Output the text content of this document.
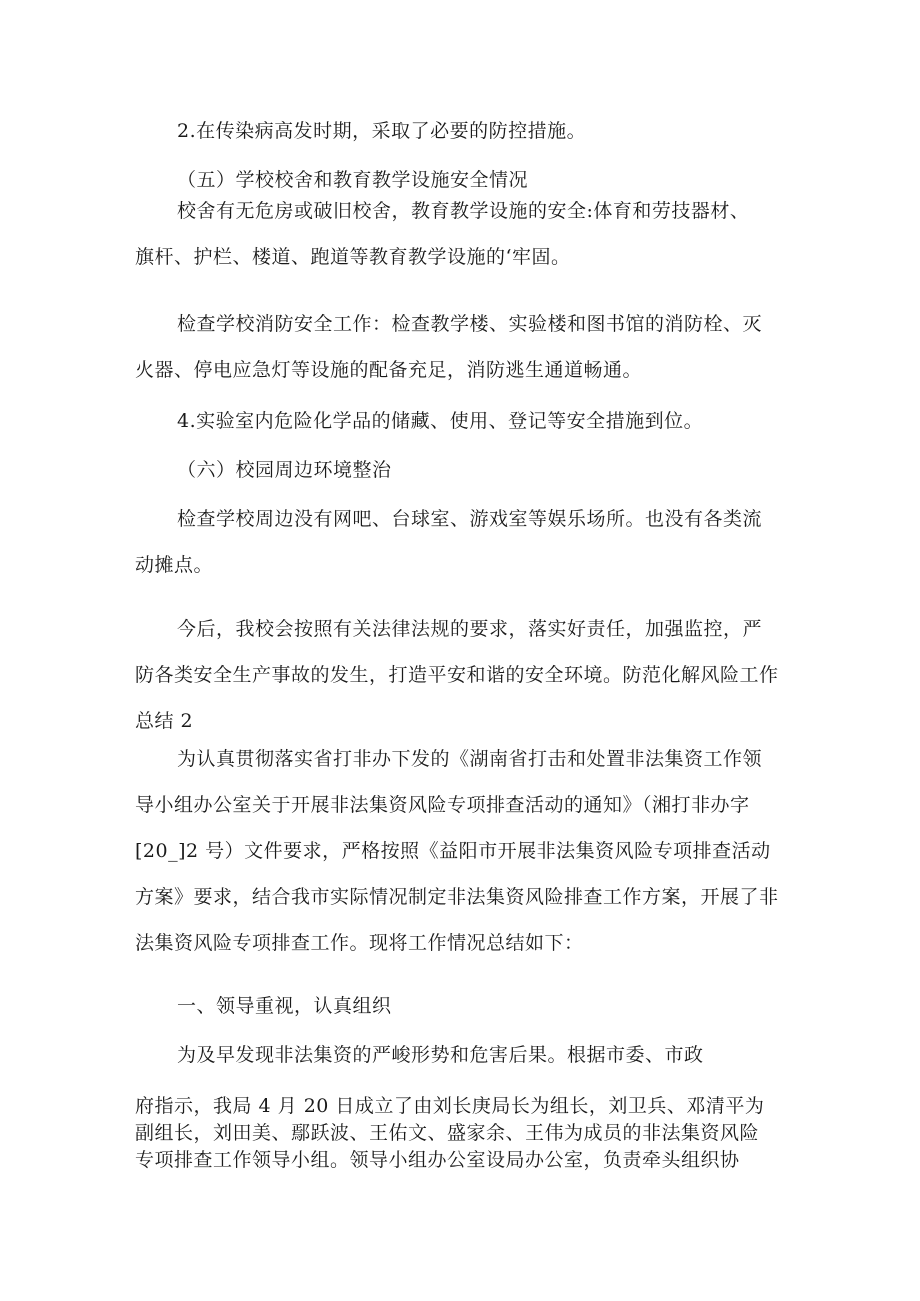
2.在传染病高发时期，采取了必要的防控措施。

（五）学校校舍和教育教学设施安全情况

校舍有无危房或破旧校舍，教育教学设施的安全:体育和劳技器材、
旗杆、护栏、楼道、跑道等教育教学设施的‘牢固。

检查学校消防安全工作：检查教学楼、实验楼和图书馆的消防栓、灭
火器、停电应急灯等设施的配备充足，消防逃生通道畅通。

4.实验室内危险化学品的储藏、使用、登记等安全措施到位。

（六）校园周边环境整治

检查学校周边没有网吧、台球室、游戏室等娱乐场所。也没有各类流
动摊点。

今后，我校会按照有关法律法规的要求，落实好责任，加强监控，严
防各类安全生产事故的发生，打造平安和谐的安全环境。防范化解风险工作
总结 2

为认真贯彻落实省打非办下发的《湖南省打击和处置非法集资工作领
导小组办公室关于开展非法集资风险专项排查活动的通知》（湘打非办字
[20_]2 号）文件要求，严格按照《益阳市开展非法集资风险专项排查活动
方案》要求，结合我市实际情况制定非法集资风险排查工作方案，开展了非
法集资风险专项排查工作。现将工作情况总结如下：

一、领导重视，认真组织

为及早发现非法集资的严峻形势和危害后果。根据市委、市政

府指示，我局 4 月 20 日成立了由刘长庚局长为组长，刘卫兵、邓清平为
副组长，刘田美、鄢跃波、王佑文、盛家余、王伟为成员的非法集资风险
专项排查工作领导小组。领导小组办公室设局办公室，负责牵头组织协
